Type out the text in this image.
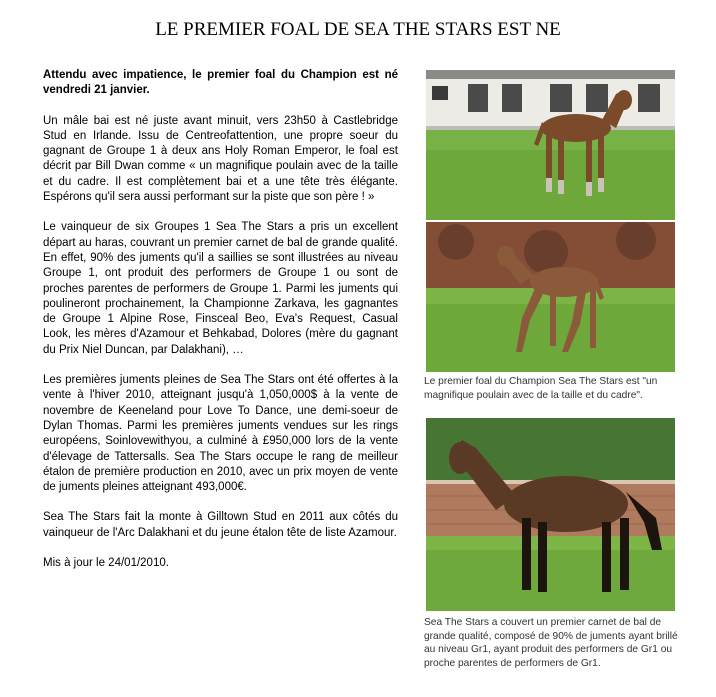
LE PREMIER FOAL DE SEA THE STARS EST NE

Attendu avec impatience, le premier foal du Champion est né vendredi 21 janvier.

Un mâle bai est né juste avant minuit, vers 23h50 à Castlebridge Stud en Irlande. Issu de Centreofattention, une propre soeur du gagnant de Groupe 1 à deux ans Holy Roman Emperor, le foal est décrit par Bill Dwan comme « un magnifique poulain avec de la taille et du cadre. Il est complètement bai et a une tête très élégante. Espérons qu'il sera aussi performant sur la piste que son père ! »

Le vainqueur de six Groupes 1 Sea The Stars a pris un excellent départ au haras, couvrant un premier carnet de bal de grande qualité. En effet, 90% des juments qu'il a saillies se sont illustrées au niveau Groupe 1, ont produit des performers de Groupe 1 ou sont de proches parentes de performers de Groupe 1. Parmi les juments qui poulineront prochainement, la Championne Zarkava, les gagnantes de Groupe 1 Alpine Rose, Finsceal Beo, Eva's Request, Casual Look, les mères d'Azamour et Behkabad, Dolores (mère du gagnant du Prix Niel Duncan, par Dalakhani), …

Les premières juments pleines de Sea The Stars ont été offertes à la vente à l'hiver 2010, atteignant jusqu'à 1,050,000$ à la vente de novembre de Keeneland pour Love To Dance, une demi-soeur de Dylan Thomas. Parmi les premières juments vendues sur les rings européens, Soinlovewithyou, a culminé à £950,000 lors de la vente d'élevage de Tattersalls. Sea The Stars occupe le rang de meilleur étalon de première production en 2010, avec un prix moyen de vente de juments pleines atteignant 493,000€.

Sea The Stars fait la monte à Gilltown Stud en 2011 aux côtés du vainqueur de l'Arc Dalakhani et du jeune étalon tête de liste Azamour.

Mis à jour le 24/01/2010.

Le premier foal du Champion Sea The Stars est "un magnifique poulain avec de la taille et du cadre".
Sea The Stars a couvert un premier carnet de bal de grande qualité, composé de 90% de juments ayant brillé au niveau Gr1, ayant produit des performers de Gr1 ou proche parentes de performers de Gr1.
